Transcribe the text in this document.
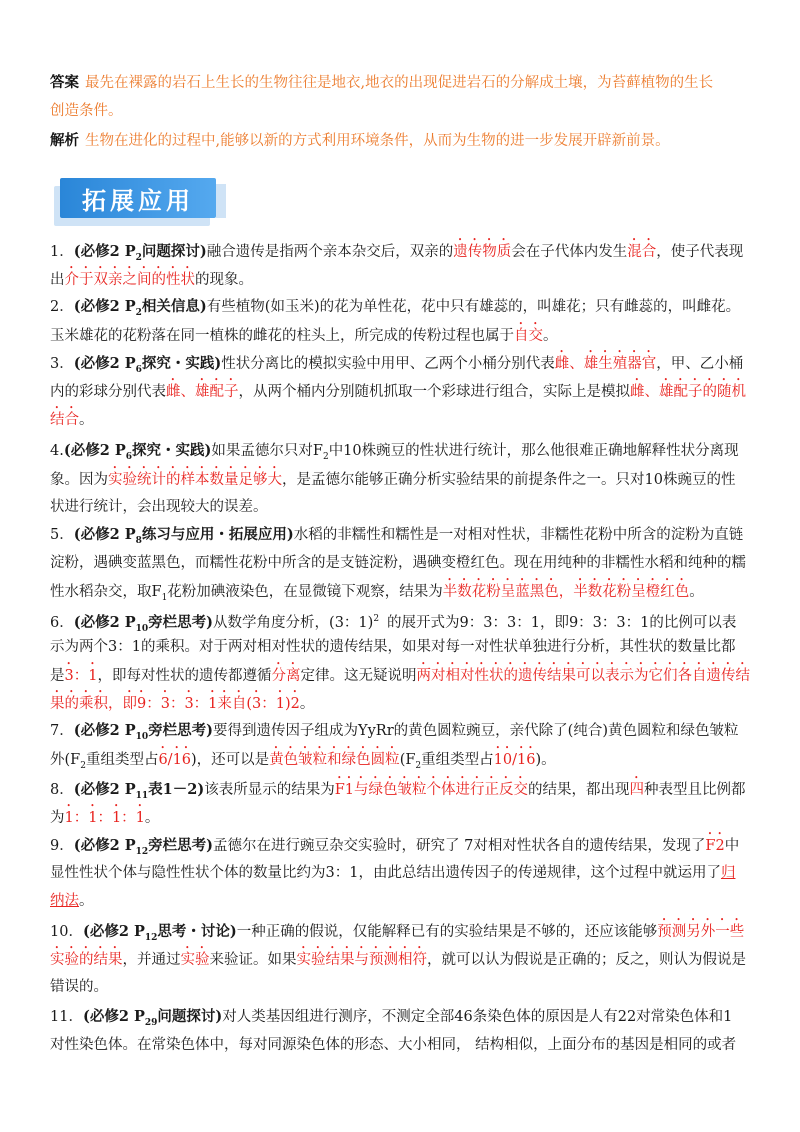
答案 最先在裸露的岩石上生长的生物往往是地衣,地衣的出现促进岩石的分解成土壤，为苔藓植物的生长
创造条件。
解析 生物在进化的过程中,能够以新的方式利用环境条件，从而为生物的进一步发展开辟新前景。
拓展应用
1．(必修2 $P_2$问题探讨)融合遗传是指两个亲本杂交后，双亲的遗传物质会在子代体内发生混合，使子代表现
出介于双亲之间的性状的现象。
2．(必修2 $P_2$相关信息)有些植物(如玉米)的花为单性花，花中只有雄蕊的，叫雄花；只有雌蕊的，叫雌花。
玉米雄花的花粉落在同一植株的雌花的柱头上，所完成的传粉过程也属于自交。
3．(必修2 $P_6$探究・实践)性状分离比的模拟实验中用甲、乙两个小桶分别代表雌、雄生殖器官，甲、乙小桶
内的彩球分别代表雌、雄配子，从两个桶内分别随机抓取一个彩球进行组合，实际上是模拟雌、雄配子的随机
结合。
4.(必修2 $P_6$探究・实践)如果孟德尔只对$F_2$中10株豌豆的性状进行统计，那么他很难正确地解释性状分离现
象。因为实验统计的样本数量足够大，是孟德尔能够正确分析实验结果的前提条件之一。只对10株豌豆的性
状进行统计，会出现较大的误差。
5．(必修2 $P_8$练习与应用・拓展应用)水稻的非糯性和糯性是一对相对性状，非糯性花粉中所含的淀粉为直链
淀粉，遇碘变蓝黑色，而糯性花粉中所含的是支链淀粉，遇碘变橙红色。现在用纯种的非糯性水稻和纯种的糯
性水稻杂交，取$F_1$花粉加碘液染色，在显微镜下观察，结果为半数花粉呈蓝黑色，半数花粉呈橙红色。
6．(必修2 $P_{10}$旁栏思考)从数学角度分析，(3：1)$^2$ 的展开式为9：3：3：1，即9：3：3：1的比例可以表
示为两个3：1的乘积。对于两对相对性状的遗传结果，如果对每一对性状单独进行分析，其性状的数量比都
是3：1，即每对性状的遗传都遵循分离定律。这无疑说明两对相对性状的遗传结果可以表示为它们各自遗传结
果的乘积，即9：3：3：1来自(3：1)2。
7．(必修2 $P_{10}$旁栏思考)要得到遗传因子组成为YyRr的黄色圆粒豌豆，亲代除了(纯合)黄色圆粒和绿色皱粒
外($F_2$重组类型占6/16)，还可以是黄色皱粒和绿色圆粒($F_2$重组类型占10/16)。
8．(必修2 $P_{11}$表1－2)该表所显示的结果为F1与绿色皱粒个体进行正反交的结果，都出现四种表型且比例都
为1：1：1：1。
9．(必修2 $P_{12}$旁栏思考)孟德尔在进行豌豆杂交实验时，研究了 7对相对性状各自的遗传结果，发现了F2中
显性性状个体与隐性性状个体的数量比约为3：1，由此总结出遗传因子的传递规律，这个过程中就运用了归
纳法。
10．(必修2 $P_{12}$思考・讨论)一种正确的假说，仅能解释已有的实验结果是不够的，还应该能够预测另外一些
实验的结果，并通过实验来验证。如果实验结果与预测相符，就可以认为假说是正确的；反之，则认为假说是
错误的。
11．(必修2 $P_{29}$问题探讨)对人类基因组进行测序，不测定全部46条染色体的原因是人有22对常染色体和1
对性染色体。在常染色体中，每对同源染色体的形态、大小相同， 结构相似，上面分布的基因是相同的或者
